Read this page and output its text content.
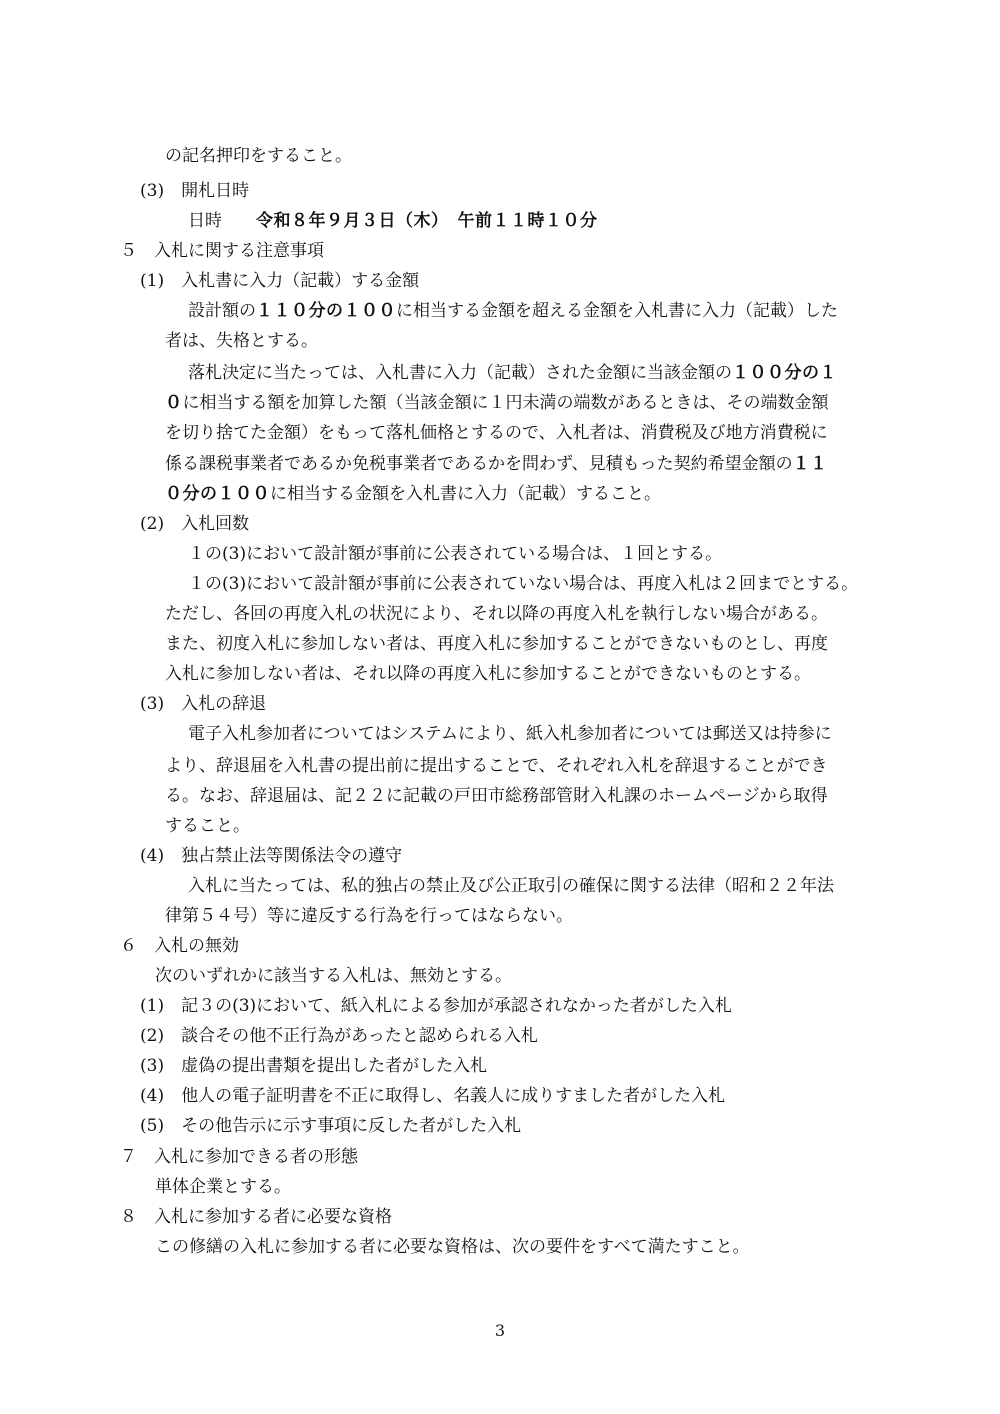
の記名押印をすること。
(3)　開札日時
日時 令和８年９月３日（木）　午前１１時１０分
５　入札に関する注意事項
(1)　入札書に入力（記載）する金額
設計額の１１０分の１００に相当する金額を超える金額を入札書に入力（記載）した
者は、失格とする。
落札決定に当たっては、入札書に入力（記載）された金額に当該金額の１００分の１
０に相当する額を加算した額（当該金額に１円未満の端数があるときは、その端数金額
を切り捨てた金額）をもって落札価格とするので、入札者は、消費税及び地方消費税に
係る課税事業者であるか免税事業者であるかを問わず、見積もった契約希望金額の１１
０分の１００に相当する金額を入札書に入力（記載）すること。
(2)　入札回数
１の(3)において設計額が事前に公表されている場合は、１回とする。
１の(3)において設計額が事前に公表されていない場合は、再度入札は２回までとする。
ただし、各回の再度入札の状況により、それ以降の再度入札を執行しない場合がある。
また、初度入札に参加しない者は、再度入札に参加することができないものとし、再度
入札に参加しない者は、それ以降の再度入札に参加することができないものとする。
(3)　入札の辞退
電子入札参加者についてはシステムにより、紙入札参加者については郵送又は持参に
より、辞退届を入札書の提出前に提出することで、それぞれ入札を辞退することができ
る。なお、辞退届は、記２２に記載の戸田市総務部管財入札課のホームページから取得
すること。
(4)　独占禁止法等関係法令の遵守
入札に当たっては、私的独占の禁止及び公正取引の確保に関する法律（昭和２２年法
律第５４号）等に違反する行為を行ってはならない。
６　入札の無効
次のいずれかに該当する入札は、無効とする。
(1)　記３の(3)において、紙入札による参加が承認されなかった者がした入札
(2)　談合その他不正行為があったと認められる入札
(3)　虚偽の提出書類を提出した者がした入札
(4)　他人の電子証明書を不正に取得し、名義人に成りすました者がした入札
(5)　その他告示に示す事項に反した者がした入札
７　入札に参加できる者の形態
単体企業とする。
８　入札に参加する者に必要な資格
この修繕の入札に参加する者に必要な資格は、次の要件をすべて満たすこと。
3
